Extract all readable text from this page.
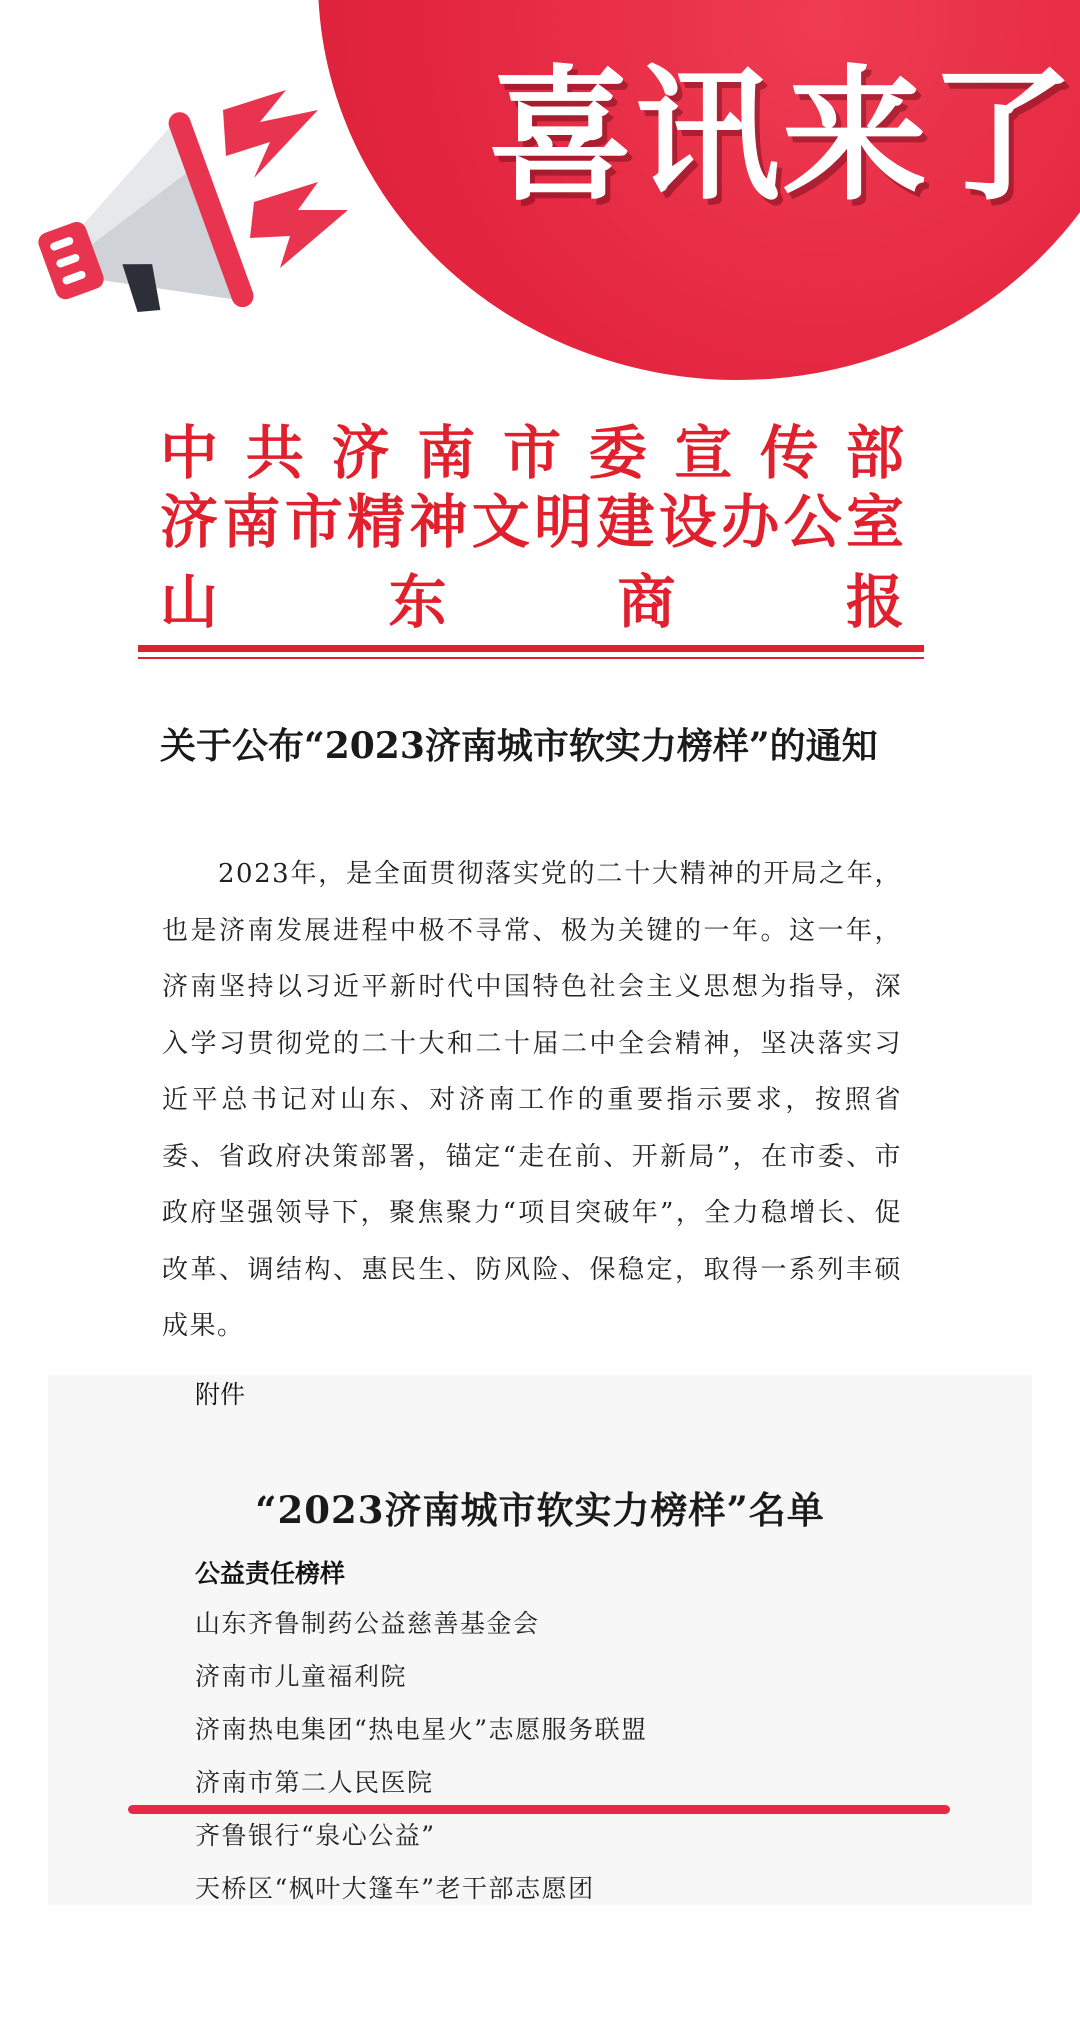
喜讯来了
中 共 济 南 市 委 宣 传 部
济 南 市 精 神 文 明 建 设 办 公 室
山	东	商	报
关于公布“2023济南城市软实力榜样”的通知
2023年，是全面贯彻落实党的二十大精神的开局之年，也是济南发展进程中极不寻常、极为关键的一年。这一年，济南坚持以习近平新时代中国特色社会主义思想为指导，深入学习贯彻党的二十大和二十届二中全会精神，坚决落实习近平总书记对山东、对济南工作的重要指示要求，按照省委、省政府决策部署，锚定“走在前、开新局”，在市委、市政府坚强领导下，聚焦聚力“项目突破年”，全力稳增长、促改革、调结构、惠民生、防风险、保稳定，取得一系列丰硕成果。
附件
“2023济南城市软实力榜样”名单
公益责任榜样
山东齐鲁制药公益慈善基金会
济南市儿童福利院
济南热电集团“热电星火”志愿服务联盟
济南市第二人民医院
齐鲁银行“泉心公益”
天桥区“枫叶大篷车”老干部志愿团
